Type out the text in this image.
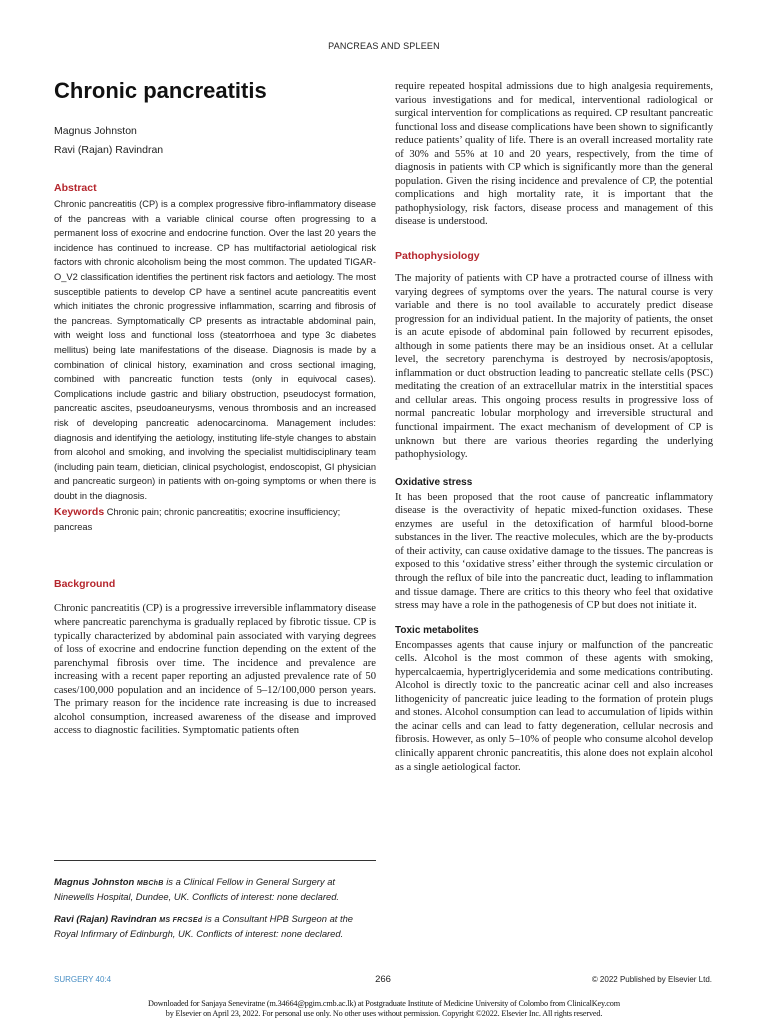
PANCREAS AND SPLEEN
Chronic pancreatitis
Magnus Johnston
Ravi (Rajan) Ravindran
Abstract

Chronic pancreatitis (CP) is a complex progressive fibro-inflammatory disease of the pancreas with a variable clinical course often progressing to a permanent loss of exocrine and endocrine function. Over the last 20 years the incidence has continued to increase. CP has multifactorial aetiological risk factors with chronic alcoholism being the most common. The updated TIGAR-O_V2 classification identifies the pertinent risk factors and aetiology. The most susceptible patients to develop CP have a sentinel acute pancreatitis event which initiates the chronic progressive inflammation, scarring and fibrosis of the pancreas. Symptomatically CP presents as intractable abdominal pain, with weight loss and functional loss (steatorrhoea and type 3c diabetes mellitus) being late manifestations of the disease. Diagnosis is made by a combination of clinical history, examination and cross sectional imaging, combined with pancreatic function tests (only in equivocal cases). Complications include gastric and biliary obstruction, pseudocyst formation, pancreatic ascites, pseudoaneurysms, venous thrombosis and an increased risk of developing pancreatic adenocarcinoma. Management includes: diagnosis and identifying the aetiology, instituting life-style changes to abstain from alcohol and smoking, and involving the specialist multidisciplinary team (including pain team, dietician, clinical psychologist, endoscopist, GI physician and pancreatic surgeon) in patients with on-going symptoms or when there is doubt in the diagnosis.

Keywords Chronic pain; chronic pancreatitis; exocrine insufficiency; pancreas

Background

Chronic pancreatitis (CP) is a progressive irreversible inflammatory disease where pancreatic parenchyma is gradually replaced by fibrotic tissue. CP is typically characterized by abdominal pain associated with varying degrees of loss of exocrine and endocrine function depending on the extent of the parenchymal fibrosis over time. The incidence and prevalence are increasing with a recent paper reporting an adjusted prevalence rate of 50 cases/100,000 population and an incidence of 5‒12/100,000 person years. The primary reason for the incidence rate increasing is due to increased alcohol consumption, increased awareness of the disease and improved access to diagnostic facilities. Symptomatic patients often

Magnus Johnston MBChB is a Clinical Fellow in General Surgery at Ninewells Hospital, Dundee, UK. Conflicts of interest: none declared.

Ravi (Rajan) Ravindran MS FRCSEd is a Consultant HPB Surgeon at the Royal Infirmary of Edinburgh, UK. Conflicts of interest: none declared.

require repeated hospital admissions due to high analgesia requirements, various investigations and for medical, interventional radiological or surgical intervention for complications as required. CP resultant pancreatic functional loss and disease complications have been shown to significantly reduce patients’ quality of life. There is an overall increased mortality rate of 30% and 55% at 10 and 20 years, respectively, from the time of diagnosis in patients with CP which is significantly more than the general population. Given the rising incidence and prevalence of CP, the potential complications and high mortality rate, it is important that the pathophysiology, risk factors, disease process and management of this disease is understood.

Pathophysiology

The majority of patients with CP have a protracted course of illness with varying degrees of symptoms over the years. The natural course is very variable and there is no tool available to accurately predict disease progression for an individual patient. In the majority of patients, the onset is an acute episode of abdominal pain followed by recurrent episodes, although in some patients there may be an insidious onset. At a cellular level, the secretory parenchyma is destroyed by necrosis/apoptosis, inflammation or duct obstruction leading to pancreatic stellate cells (PSC) meditating the creation of an extracellular matrix in the interstitial spaces and cellular areas. This ongoing process results in progressive loss of normal pancreatic lobular morphology and irreversible structural and functional impairment. The exact mechanism of development of CP is unknown but there are various theories regarding the underlying pathophysiology.

Oxidative stress

It has been proposed that the root cause of pancreatic inflammatory disease is the overactivity of hepatic mixed-function oxidases. These enzymes are useful in the detoxification of harmful blood-borne substances in the liver. The reactive molecules, which are the by-products of their activity, can cause oxidative damage to the tissues. The pancreas is exposed to this ‘oxidative stress’ either through the systemic circulation or through the reflux of bile into the pancreatic duct, leading to inflammation and tissue damage. There are critics to this theory who feel that oxidative stress may have a role in the pathogenesis of CP but does not initiate it.

Toxic metabolites

Encompasses agents that cause injury or malfunction of the pancreatic cells. Alcohol is the most common of these agents with smoking, hypercalcaemia, hypertriglyceridemia and some medications contributing. Alcohol is directly toxic to the pancreatic acinar cell and also increases lithogenicity of pancreatic juice leading to the formation of protein plugs and stones. Alcohol consumption can lead to accumulation of lipids within the acinar cells and can lead to fatty degeneration, cellular necrosis and fibrosis. However, as only 5‒10% of people who consume alcohol develop clinically apparent chronic pancreatitis, this alone does not explain alcohol as a single aetiological factor.

SURGERY 40:4	266	© 2022 Published by Elsevier Ltd.
Downloaded for Sanjaya Seneviratne (m.34664@pgim.cmb.ac.lk) at Postgraduate Institute of Medicine University of Colombo from ClinicalKey.com
by Elsevier on April 23, 2022. For personal use only. No other uses without permission. Copyright ©2022. Elsevier Inc. All rights reserved.
